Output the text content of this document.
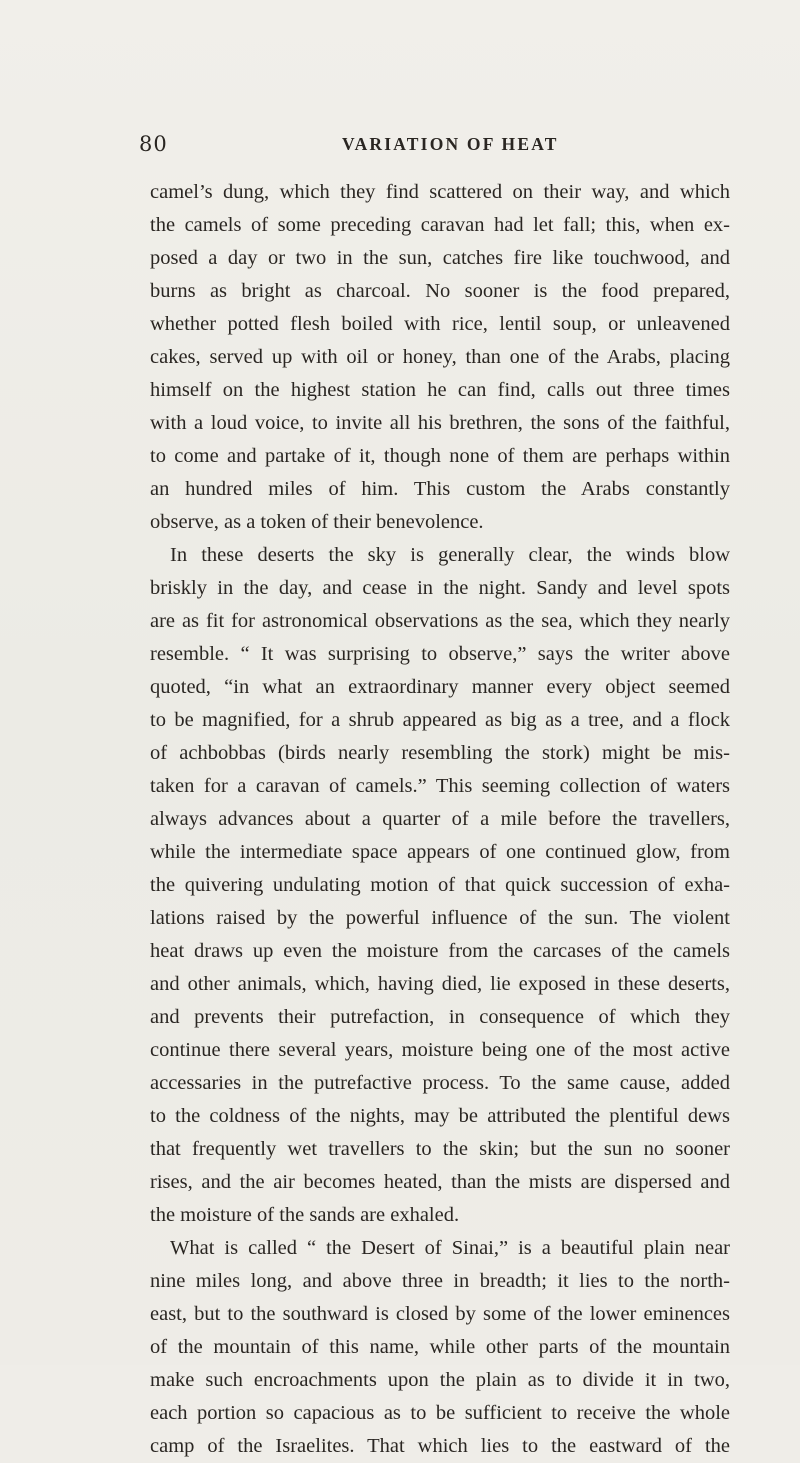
80	VARIATION OF HEAT
camel’s dung, which they find scattered on their way, and which
the camels of some preceding caravan had let fall; this, when ex-
posed a day or two in the sun, catches fire like touchwood, and
burns as bright as charcoal. No sooner is the food prepared,
whether potted flesh boiled with rice, lentil soup, or unleavened
cakes, served up with oil or honey, than one of the Arabs, placing
himself on the highest station he can find, calls out three times
with a loud voice, to invite all his brethren, the sons of the faithful,
to come and partake of it, though none of them are perhaps within
an hundred miles of him. This custom the Arabs constantly
observe, as a token of their benevolence.
In these deserts the sky is generally clear, the winds blow
briskly in the day, and cease in the night. Sandy and level spots
are as fit for astronomical observations as the sea, which they nearly
resemble. “ It was surprising to observe,” says the writer above
quoted, “in what an extraordinary manner every object seemed
to be magnified, for a shrub appeared as big as a tree, and a flock
of achbobbas (birds nearly resembling the stork) might be mis-
taken for a caravan of camels.” This seeming collection of waters
always advances about a quarter of a mile before the travellers,
while the intermediate space appears of one continued glow, from
the quivering undulating motion of that quick succession of exha-
lations raised by the powerful influence of the sun. The violent
heat draws up even the moisture from the carcases of the camels
and other animals, which, having died, lie exposed in these deserts,
and prevents their putrefaction, in consequence of which they
continue there several years, moisture being one of the most active
accessaries in the putrefactive process. To the same cause, added
to the coldness of the nights, may be attributed the plentiful dews
that frequently wet travellers to the skin; but the sun no sooner
rises, and the air becomes heated, than the mists are dispersed and
the moisture of the sands are exhaled.
What is called “ the Desert of Sinai,” is a beautiful plain near
nine miles long, and above three in breadth; it lies to the north-
east, but to the southward is closed by some of the lower eminences
of the mountain of this name, while other parts of the mountain
make such encroachments upon the plain as to divide it in two,
each portion so capacious as to be sufficient to receive the whole
camp of the Israelites. That which lies to the eastward of the
